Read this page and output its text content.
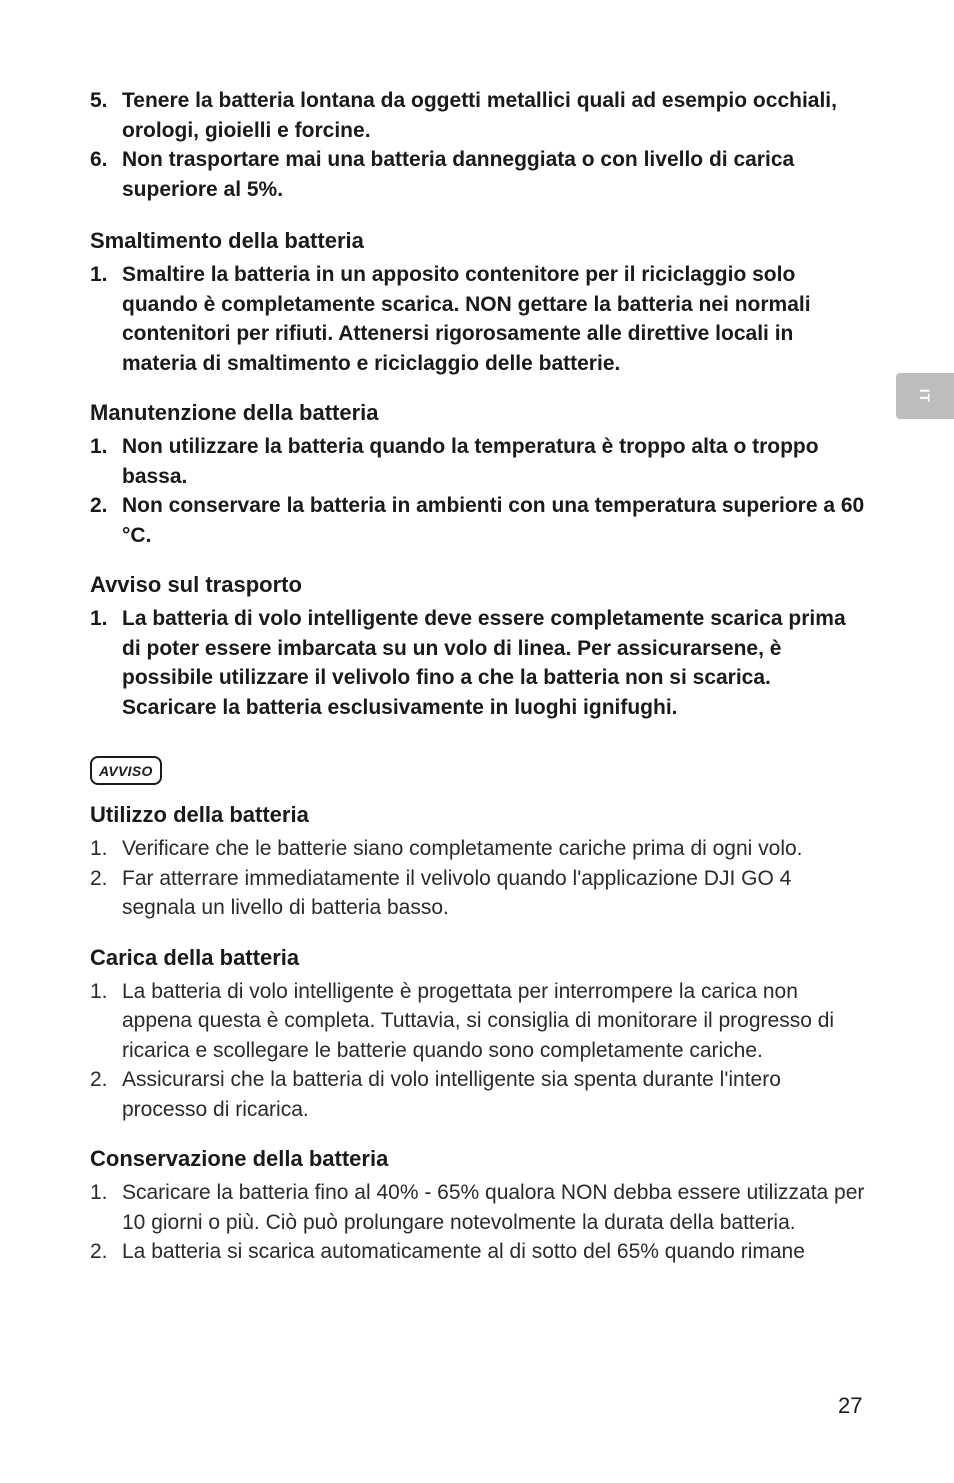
5. Tenere la batteria lontana da oggetti metallici quali ad esempio occhiali, orologi, gioielli e forcine.
6. Non trasportare mai una batteria danneggiata o con livello di carica superiore al 5%.
Smaltimento della batteria
1. Smaltire la batteria in un apposito contenitore per il riciclaggio solo quando è completamente scarica. NON gettare la batteria nei normali contenitori per rifiuti. Attenersi rigorosamente alle direttive locali in materia di smaltimento e riciclaggio delle batterie.
Manutenzione della batteria
1. Non utilizzare la batteria quando la temperatura è troppo alta o troppo bassa.
2. Non conservare la batteria in ambienti con una temperatura superiore a 60 °C.
Avviso sul trasporto
1. La batteria di volo intelligente deve essere completamente scarica prima di poter essere imbarcata su un volo di linea. Per assicurarsene, è possibile utilizzare il velivolo fino a che la batteria non si scarica. Scaricare la batteria esclusivamente in luoghi ignifughi.
AVVISO
Utilizzo della batteria
1. Verificare che le batterie siano completamente cariche prima di ogni volo.
2. Far atterrare immediatamente il velivolo quando l'applicazione DJI GO 4 segnala un livello di batteria basso.
Carica della batteria
1. La batteria di volo intelligente è progettata per interrompere la carica non appena questa è completa. Tuttavia, si consiglia di monitorare il progresso di ricarica e scollegare le batterie quando sono completamente cariche.
2. Assicurarsi che la batteria di volo intelligente sia spenta durante l'intero processo di ricarica.
Conservazione della batteria
1. Scaricare la batteria fino al 40% - 65% qualora NON debba essere utilizzata per 10 giorni o più. Ciò può prolungare notevolmente la durata della batteria.
2. La batteria si scarica automaticamente al di sotto del 65% quando rimane
IT
27
